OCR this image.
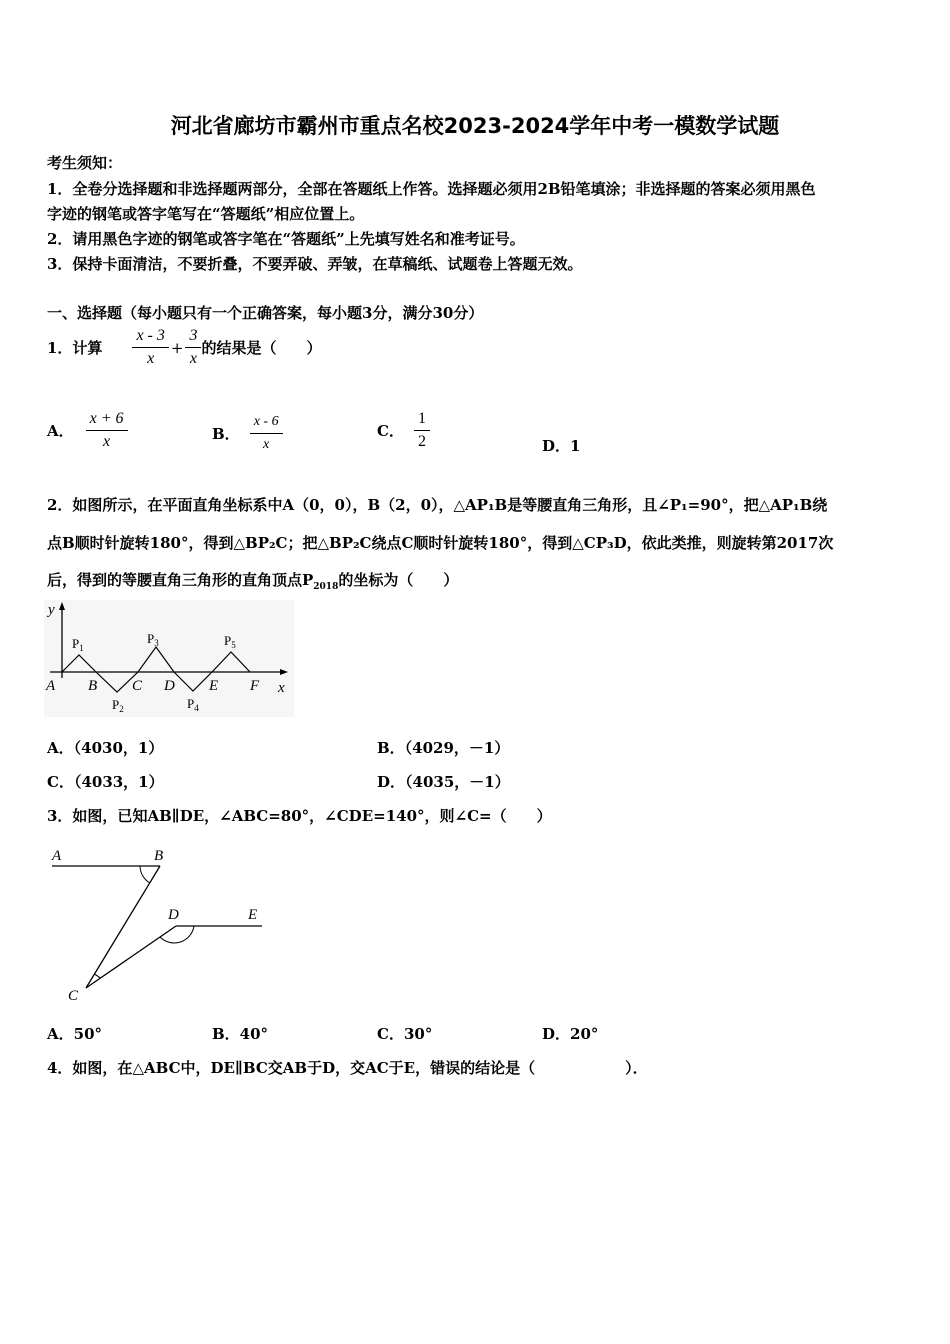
河北省廊坊市霸州市重点名校2023-2024学年中考一模数学试题
考生须知：
1．全卷分选择题和非选择题两部分，全部在答题纸上作答。选择题必须用2B铅笔填涂；非选择题的答案必须用黑色
字迹的钢笔或答字笔写在“答题纸”相应位置上。
2．请用黑色字迹的钢笔或答字笔在“答题纸”上先填写姓名和准考证号。
3．保持卡面清洁，不要折叠，不要弄破、弄皱，在草稿纸、试题卷上答题无效。
一、选择题（每小题只有一个正确答案，每小题3分，满分30分）
1．计算 $\frac{x - 3}{x} + \frac{3}{x}$ 的结果是（　　）
A． $\frac{x + 6}{x}$	B． $\frac{x - 6}{x}$	C． $\frac{1}{2}$	D．1
2．如图所示，在平面直角坐标系中A（0，0），B（2，0），△AP₁B是等腰直角三角形，且∠P₁=90°，把△AP₁B绕
点B顺时针旋转180°，得到△BP₂C；把△BP₂C绕点C顺时针旋转180°，得到△CP₃D，依此类推，则旋转第2017次
后，得到的等腰直角三角形的直角顶点$P_{2018}$的坐标为（　　）
y
x
A B C D E F
$P_1$
$P_2$
$P_3$
$P_4$
$P_5$
A．（4030，1）	B．（4029，－1）
C．（4033，1）	D．（4035，－1）
3．如图，已知AB∥DE，∠ABC=80°，∠CDE=140°，则∠C=（　　）
A	B
C
D	E
A．50°	B．40°	C．30°	D．20°
4．如图，在△ABC中，DE∥BC交AB于D，交AC于E，错误的结论是（　　　　　　）．
